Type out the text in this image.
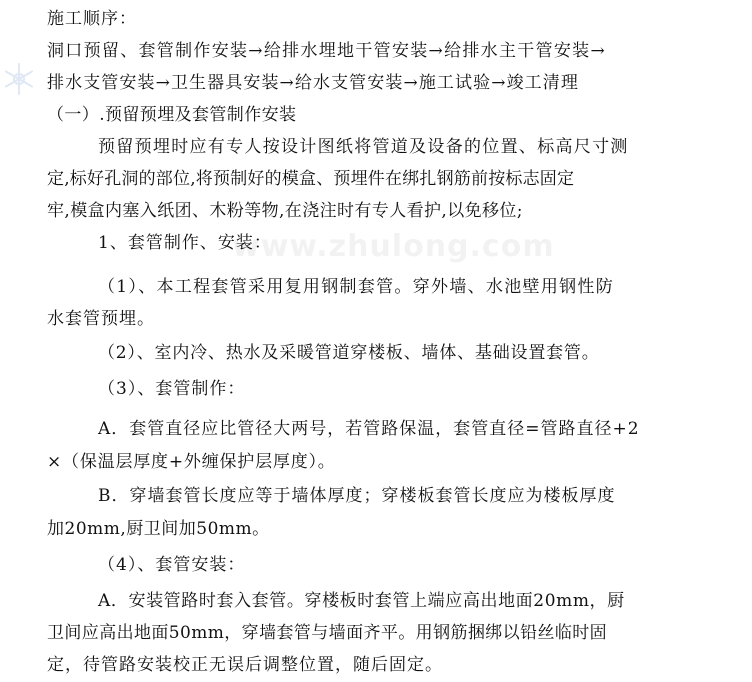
www.zhulong.com
施工顺序：
洞口预留、套管制作安装→给排水埋地干管安装→给排水主干管安装→
排水支管安装→卫生器具安装→给水支管安装→施工试验→竣工清理
（一）.预留预埋及套管制作安装
预留预埋时应有专人按设计图纸将管道及设备的位置、标高尺寸测
定,标好孔洞的部位,将预制好的模盒、预埋件在绑扎钢筋前按标志固定
牢,模盒内塞入纸团、木粉等物,在浇注时有专人看护,以免移位;
1、套管制作、安装：
（1）、本工程套管采用复用钢制套管。穿外墙、水池壁用钢性防
水套管预埋。
（2）、室内冷、热水及采暖管道穿楼板、墙体、基础设置套管。
（3）、套管制作：
A．套管直径应比管径大两号，若管路保温，套管直径=管路直径+2
×（保温层厚度+外缠保护层厚度）。
B．穿墙套管长度应等于墙体厚度；穿楼板套管长度应为楼板厚度
加20mm,厨卫间加50mm。
（4）、套管安装：
A．安装管路时套入套管。穿楼板时套管上端应高出地面20mm，厨
卫间应高出地面50mm，穿墙套管与墙面齐平。用钢筋捆绑以铅丝临时固
定，待管路安装校正无误后调整位置，随后固定。
